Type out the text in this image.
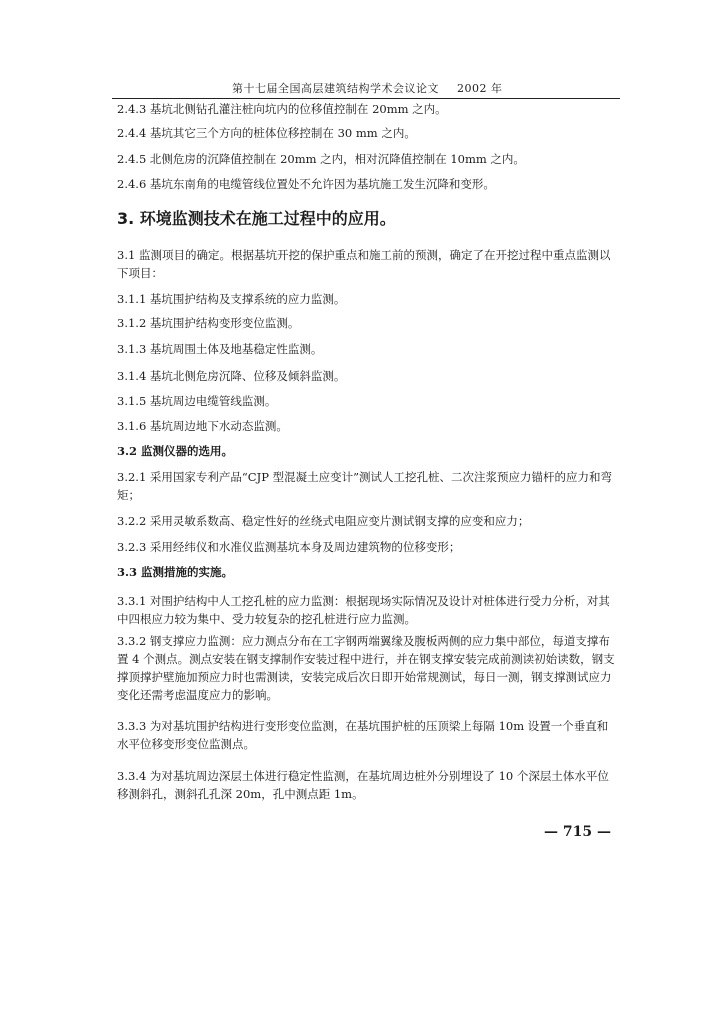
第十七届全国高层建筑结构学术会议论文 2002 年
2.4.3 基坑北侧钻孔灌注桩向坑内的位移值控制在 20mm 之内。
2.4.4 基坑其它三个方向的桩体位移控制在 30 mm 之内。
2.4.5 北侧危房的沉降值控制在 20mm 之内，相对沉降值控制在 10mm 之内。
2.4.6 基坑东南角的电缆管线位置处不允许因为基坑施工发生沉降和变形。
3. 环境监测技术在施工过程中的应用。
3.1 监测项目的确定。根据基坑开挖的保护重点和施工前的预测，确定了在开挖过程中重点监测以下项目：
3.1.1 基坑围护结构及支撑系统的应力监测。
3.1.2 基坑围护结构变形变位监测。
3.1.3 基坑周围土体及地基稳定性监测。
3.1.4 基坑北侧危房沉降、位移及倾斜监测。
3.1.5 基坑周边电缆管线监测。
3.1.6 基坑周边地下水动态监测。
3.2 监测仪器的选用。
3.2.1 采用国家专利产品“CJP 型混凝土应变计”测试人工挖孔桩、二次注浆预应力锚杆的应力和弯矩；
3.2.2 采用灵敏系数高、稳定性好的丝绕式电阻应变片测试钢支撑的应变和应力；
3.2.3 采用经纬仪和水准仪监测基坑本身及周边建筑物的位移变形；
3.3 监测措施的实施。
3.3.1 对围护结构中人工挖孔桩的应力监测：根据现场实际情况及设计对桩体进行受力分析，对其中四根应力较为集中、受力较复杂的挖孔桩进行应力监测。
3.3.2 钢支撑应力监测：应力测点分布在工字钢两端翼缘及腹板两侧的应力集中部位，每道支撑布置 4 个测点。测点安装在钢支撑制作安装过程中进行，并在钢支撑安装完成前测读初始读数，钢支撑顶撑护壁施加预应力时也需测读，安装完成后次日即开始常规测试，每日一测，钢支撑测试应力变化还需考虑温度应力的影响。
3.3.3 为对基坑围护结构进行变形变位监测，在基坑围护桩的压顶梁上每隔 10m 设置一个垂直和水平位移变形变位监测点。
3.3.4 为对基坑周边深层土体进行稳定性监测，在基坑周边桩外分别埋设了 10 个深层土体水平位移测斜孔，测斜孔孔深 20m，孔中测点距 1m。
— 715 —
